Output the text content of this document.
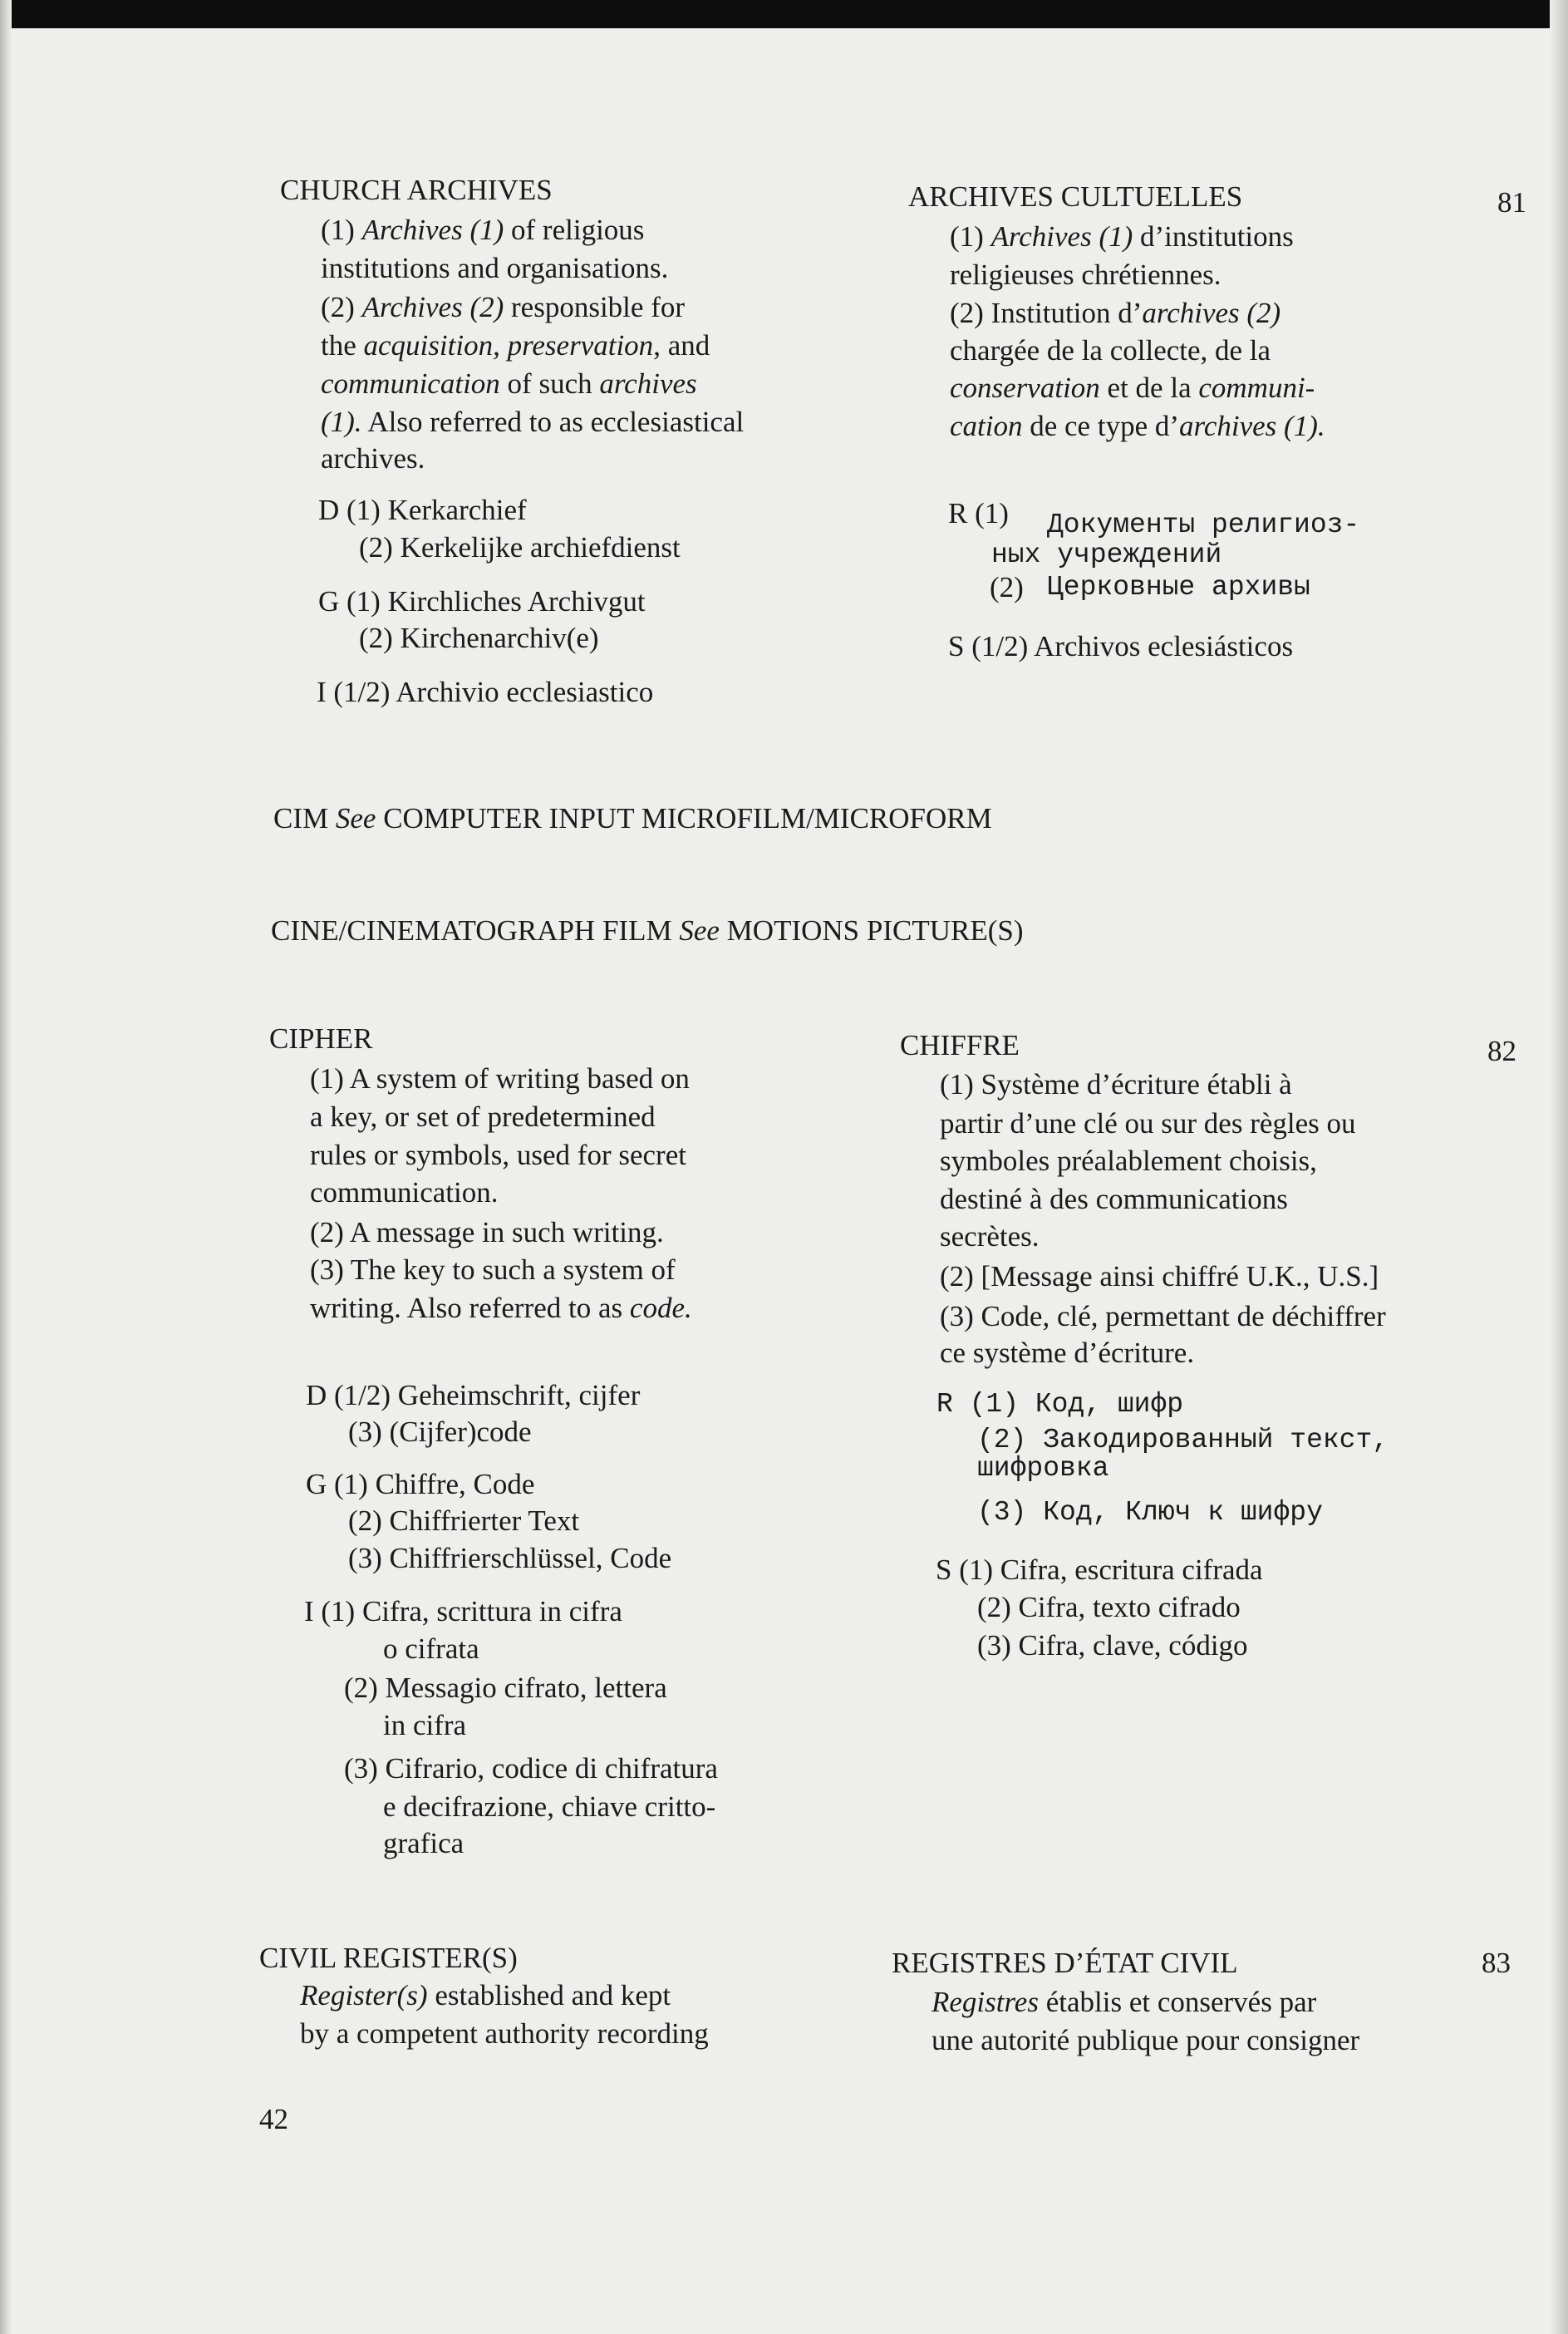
81
CHURCH ARCHIVES
(1) Archives (1) of religious
institutions and organisations.
(2) Archives (2) responsible for
the acquisition, preservation, and
communication of such archives
(1). Also referred to as ecclesiastical
archives.
D (1) Kerkarchief
(2) Kerkelijke archiefdienst
G (1) Kirchliches Archivgut
(2) Kirchenarchiv(e)
I (1/2) Archivio ecclesiastico
ARCHIVES CULTUELLES
(1) Archives (1) d’institutions
religieuses chrétiennes.
(2) Institution d’archives (2)
chargée de la collecte, de la
conservation et de la communi-
cation de ce type d’archives (1).
R (1) Документы религиоз-
ных учреждений
(2) Церковные архивы
S (1/2) Archivos eclesiásticos
CIM See COMPUTER INPUT MICROFILM/MICROFORM
CINE/CINEMATOGRAPH FILM See MOTIONS PICTURE(S)
82
CIPHER
(1) A system of writing based on
a key, or set of predetermined
rules or symbols, used for secret
communication.
(2) A message in such writing.
(3) The key to such a system of
writing. Also referred to as code.
D (1/2) Geheimschrift, cijfer
(3) (Cijfer)code
G (1) Chiffre, Code
(2) Chiffrierter Text
(3) Chiffrierschlüssel, Code
I (1) Cifra, scrittura in cifra
o cifrata
(2) Messagio cifrato, lettera
in cifra
(3) Cifrario, codice di chifratura
e decifrazione, chiave critto-
grafica
CHIFFRE
(1) Système d’écriture établi à
partir d’une clé ou sur des règles ou
symboles préalablement choisis,
destiné à des communications
secrètes.
(2) [Message ainsi chiffré U.K., U.S.]
(3) Code, clé, permettant de déchiffrer
ce système d’écriture.
R (1) Код, шифр
(2) Закодированный текст,
шифровка
(3) Код, Ключ к шифру
S (1) Cifra, escritura cifrada
(2) Cifra, texto cifrado
(3) Cifra, clave, código
83
CIVIL REGISTER(S)
Register(s) established and kept
by a competent authority recording
REGISTRES D’ÉTAT CIVIL
Registres établis et conservés par
une autorité publique pour consigner
42
